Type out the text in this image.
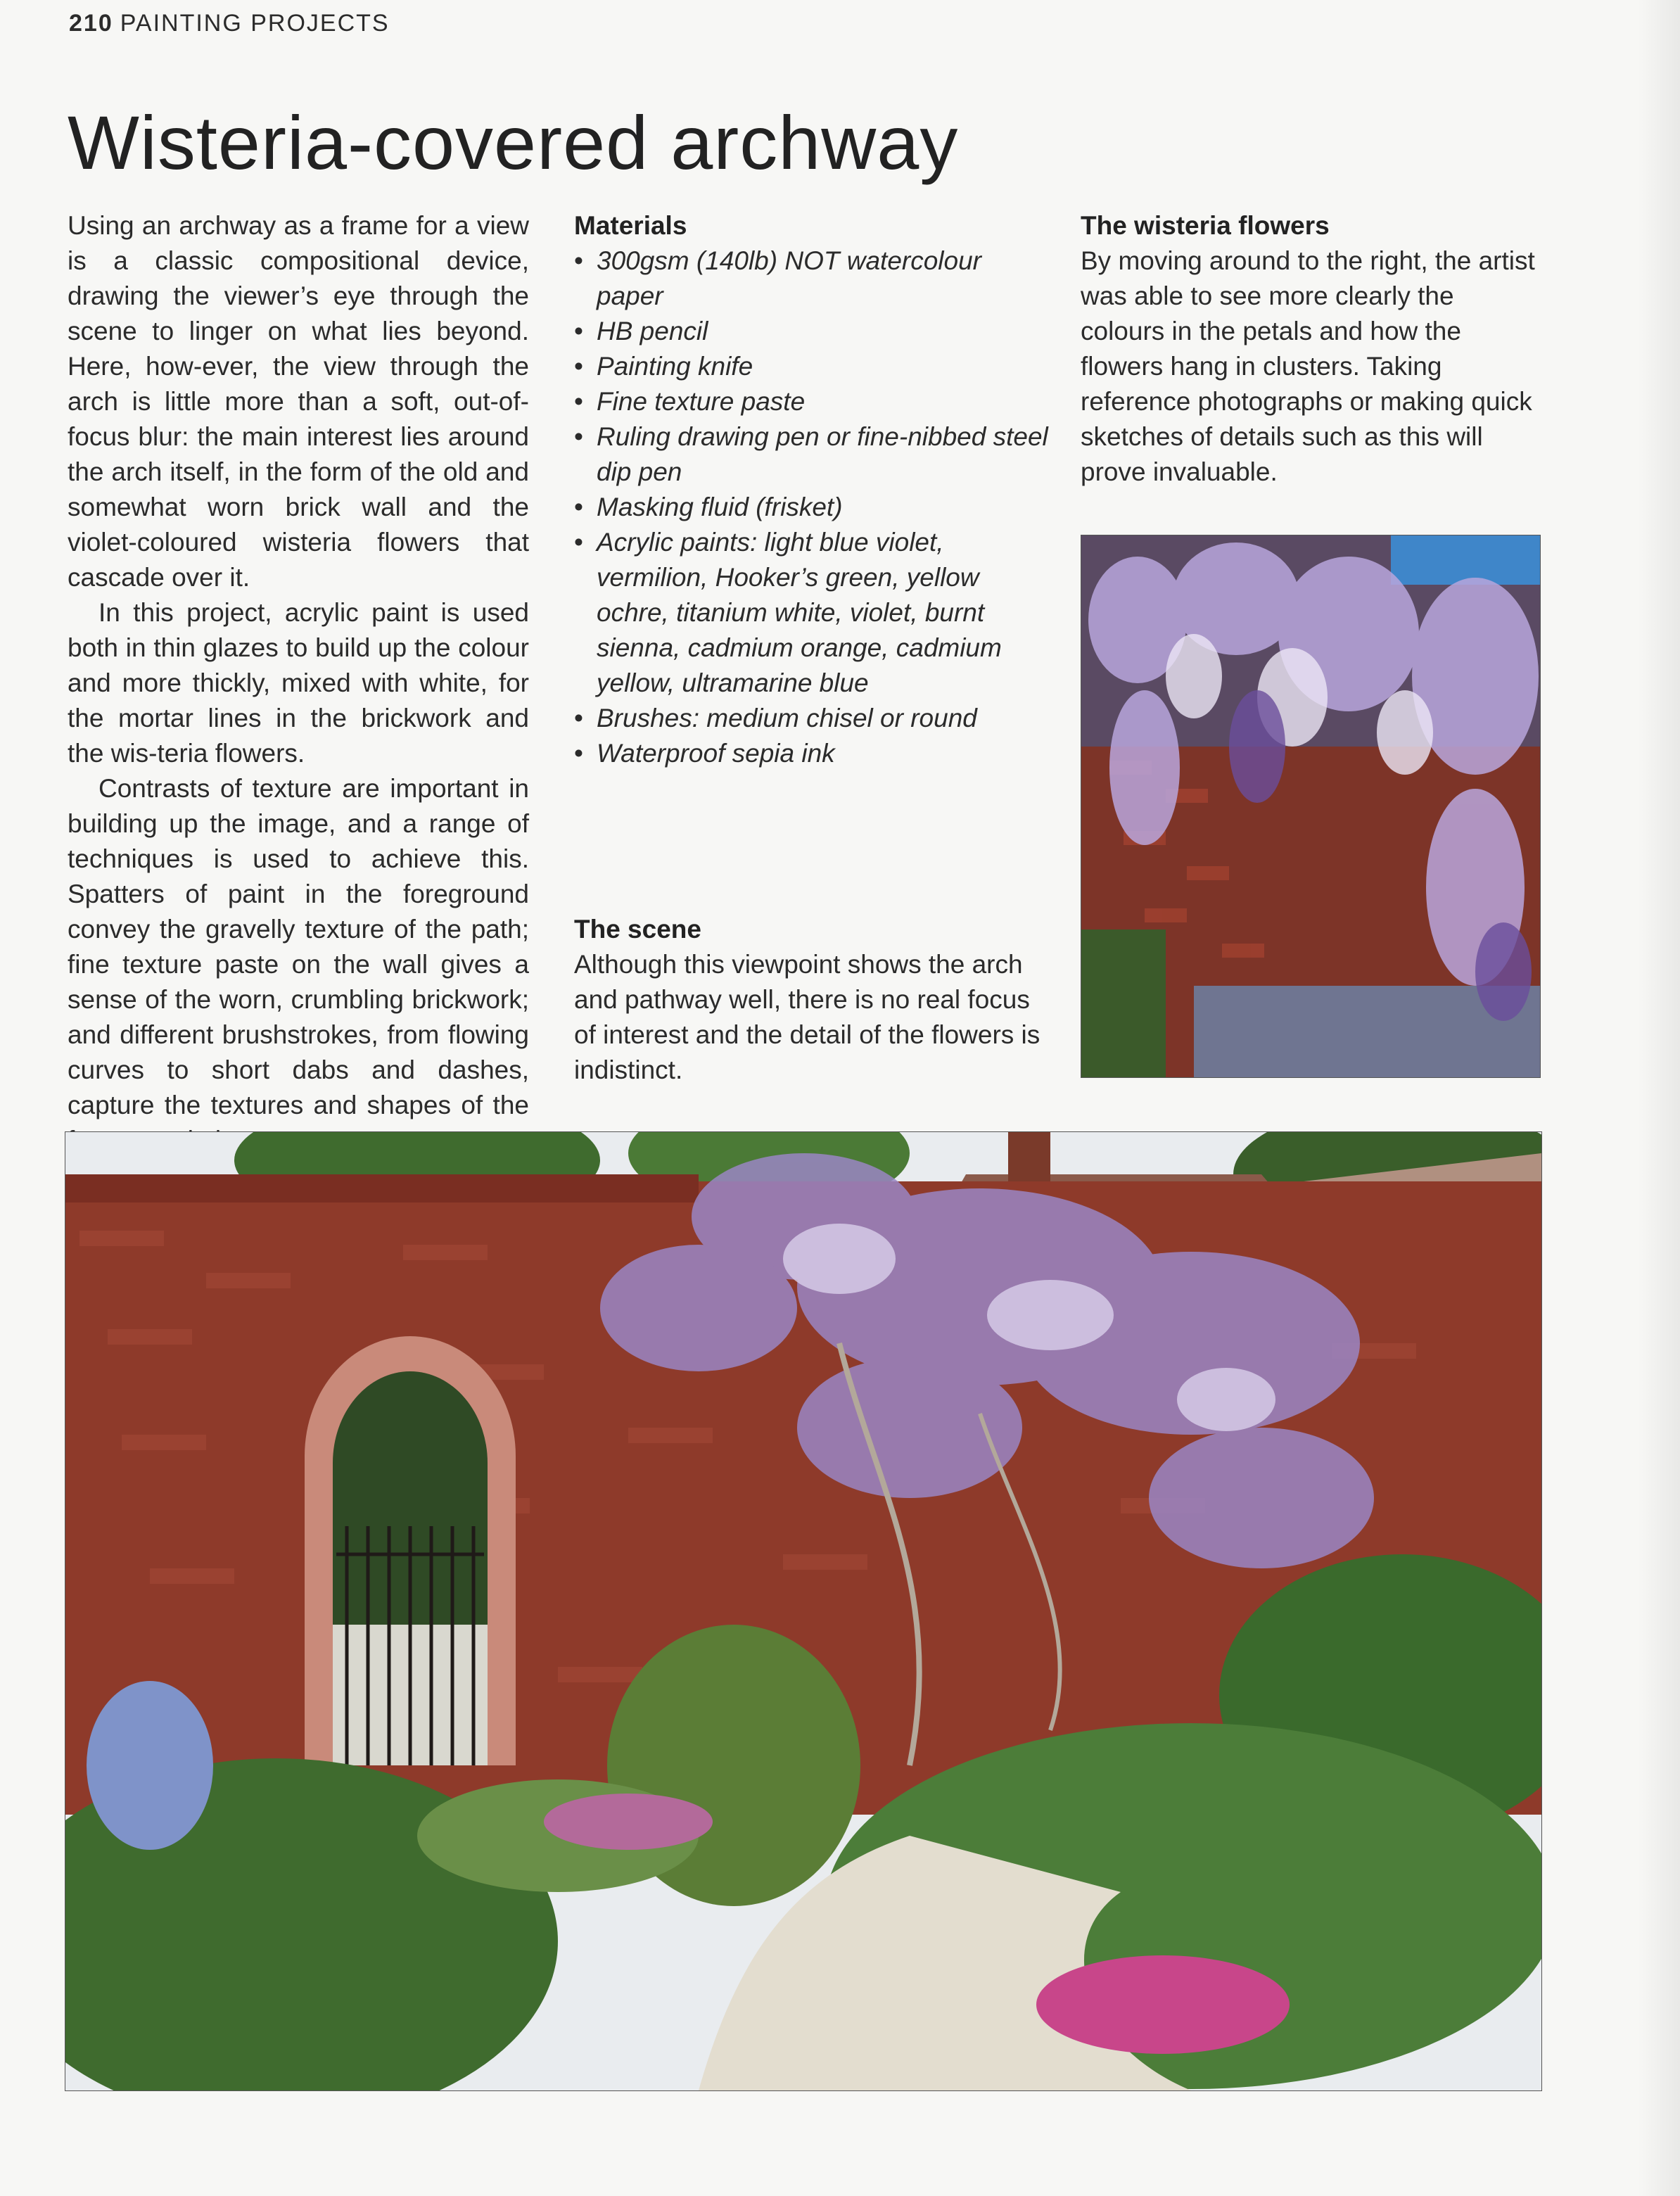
210 PAINTING PROJECTS
Wisteria-covered archway

Using an archway as a frame for a view is a classic compositional device, drawing the viewer’s eye through the scene to linger on what lies beyond. Here, how-ever, the view through the arch is little more than a soft, out-of-focus blur: the main interest lies around the arch itself, in the form of the old and somewhat worn brick wall and the violet-coloured wisteria flowers that cascade over it.

In this project, acrylic paint is used both in thin glazes to build up the colour and more thickly, mixed with white, for the mortar lines in the brickwork and the wis-teria flowers.

Contrasts of texture are important in building up the image, and a range of techniques is used to achieve this. Spatters of paint in the foreground convey the gravelly texture of the path; fine texture paste on the wall gives a sense of the worn, crumbling brickwork; and different brushstrokes, from flowing curves to short dabs and dashes, capture the textures and shapes of the

Materials
• 300gsm (140lb) NOT watercolour paper
• HB pencil
• Painting knife
• Fine texture paste
• Ruling drawing pen or fine-nibbed steel dip pen
• Masking fluid (frisket)
• Acrylic paints: light blue violet, vermilion, Hooker’s green, yellow ochre, titanium white, violet, burnt sienna, cadmium orange, cadmium yellow, ultramarine blue
• Brushes: medium chisel or round
• Waterproof sepia ink
The scene

Although this viewpoint shows the arch and pathway well, there is no real focus of interest and the detail of the flowers is indistinct.

The wisteria flowers

By moving around to the right, the artist was able to see more clearly the colours in the petals and how the flowers hang in clusters. Taking reference photographs or making quick sketches of details such as this will prove invaluable.
